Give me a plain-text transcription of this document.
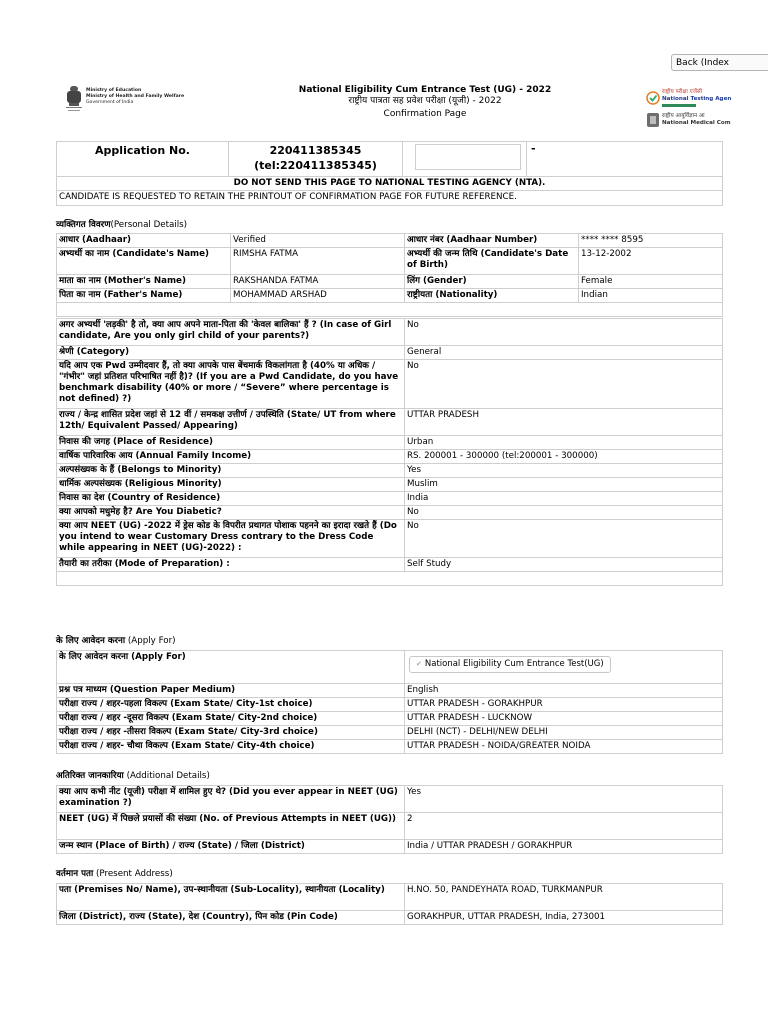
Back (Index
Ministry of Education
Ministry of Health and Family Welfare
Government of India
National Eligibility Cum Entrance Test (UG) - 2022
राष्ट्रीय पात्रता सह प्रवेश परीक्षा (यूजी) - 2022
Confirmation Page
राष्ट्रीय परीक्षा एजेंसी
National Testing Agen
राष्ट्रीय आयुर्विज्ञान आ
National Medical Com
Application No.	220411385345
(tel:220411385345)

	-
DO NOT SEND THIS PAGE TO NATIONAL TESTING AGENCY (NTA).
CANDIDATE IS REQUESTED TO RETAIN THE PRINTOUT OF CONFIRMATION PAGE FOR FUTURE REFERENCE.
व्यक्तिगत विवरण(Personal Details)
आधार (Aadhaar)	Verified	आधार नंबर (Aadhaar Number)	**** **** 8595
अभ्यर्थी का नाम (Candidate's Name)	RIMSHA FATMA	अभ्यर्थी की जन्म तिथि (Candidate's Date of Birth)	13-12-2002
माता का नाम (Mother's Name)	RAKSHANDA FATMA	लिंग (Gender)	Female
पिता का नाम (Father's Name)	MOHAMMAD ARSHAD	राष्ट्रीयता (Nationality)	Indian

अगर अभ्यर्थी 'लड़की' है तो, क्या आप अपने माता-पिता की 'केवल बालिका' हैं ? (In case of Girl candidate, Are you only girl child of your parents?)	No
श्रेणी (Category)	General
यदि आप एक Pwd उम्मीदवार हैं, तो क्या आपके पास बेंचमार्क विकलांगता है (40% या अधिक / "गंभीर" जहां प्रतिशत परिभाषित नहीं है)? (If you are a Pwd Candidate, do you have benchmark disability (40% or more / “Severe” where percentage is not defined) ?)	No
राज्य / केन्द्र शासित प्रदेश जहां से 12 वीं / समकक्ष उत्तीर्ण / उपस्थिति (State/ UT from where 12th/ Equivalent Passed/ Appearing)	UTTAR PRADESH
निवास की जगह (Place of Residence)	Urban
वार्षिक पारिवारिक आय (Annual Family Income)	RS. 200001 - 300000 (tel:200001 - 300000)
अल्पसंख्यक के हैं (Belongs to Minority)	Yes
धार्मिक अल्पसंख्यक (Religious Minority)	Muslim
निवास का देश (Country of Residence)	India
क्या आपको मधुमेह है? Are You Diabetic?	No
क्या आप NEET (UG) -2022 में ड्रेस कोड के विपरीत प्रथागत पोशाक पहनने का इरादा रखते हैं (Do you intend to wear Customary Dress contrary to the Dress Code while appearing in NEET (UG)-2022) :	No
तैयारी का तरीका (Mode of Preparation) :	Self Study

के लिए आवेदन करना (Apply For)
के लिए आवेदन करना (Apply For)	✔ National Eligibility Cum Entrance Test(UG)
प्रश्न पत्र माध्यम (Question Paper Medium)	English
परीक्षा राज्य / शहर-पहला विकल्प (Exam State/ City-1st choice)	UTTAR PRADESH - GORAKHPUR
परीक्षा राज्य / शहर -दूसरा विकल्प (Exam State/ City-2nd choice)	UTTAR PRADESH - LUCKNOW
परीक्षा राज्य / शहर -तीसरा विकल्प (Exam State/ City-3rd choice)	DELHI (NCT) - DELHI/NEW DELHI
परीक्षा राज्य / शहर- चौथा विकल्प (Exam State/ City-4th choice)	UTTAR PRADESH - NOIDA/GREATER NOIDA
अतिरिक्त जानकारिया (Additional Details)
क्या आप कभी नीट (यूजी) परीक्षा में शामिल हुए थे? (Did you ever appear in NEET (UG) examination ?)	Yes
NEET (UG) में पिछले प्रयासों की संख्या (No. of Previous Attempts in NEET (UG))	2
जन्म स्थान (Place of Birth) / राज्य (State) / जिला (District)	India / UTTAR PRADESH / GORAKHPUR
वर्तमान पता (Present Address)
पता (Premises No/ Name), उप-स्थानीयता (Sub-Locality), स्थानीयता (Locality)	H.NO. 50, PANDEYHATA ROAD, TURKMANPUR
जिला (District), राज्य (State), देश (Country), पिन कोड (Pin Code)	GORAKHPUR, UTTAR PRADESH, India, 273001
